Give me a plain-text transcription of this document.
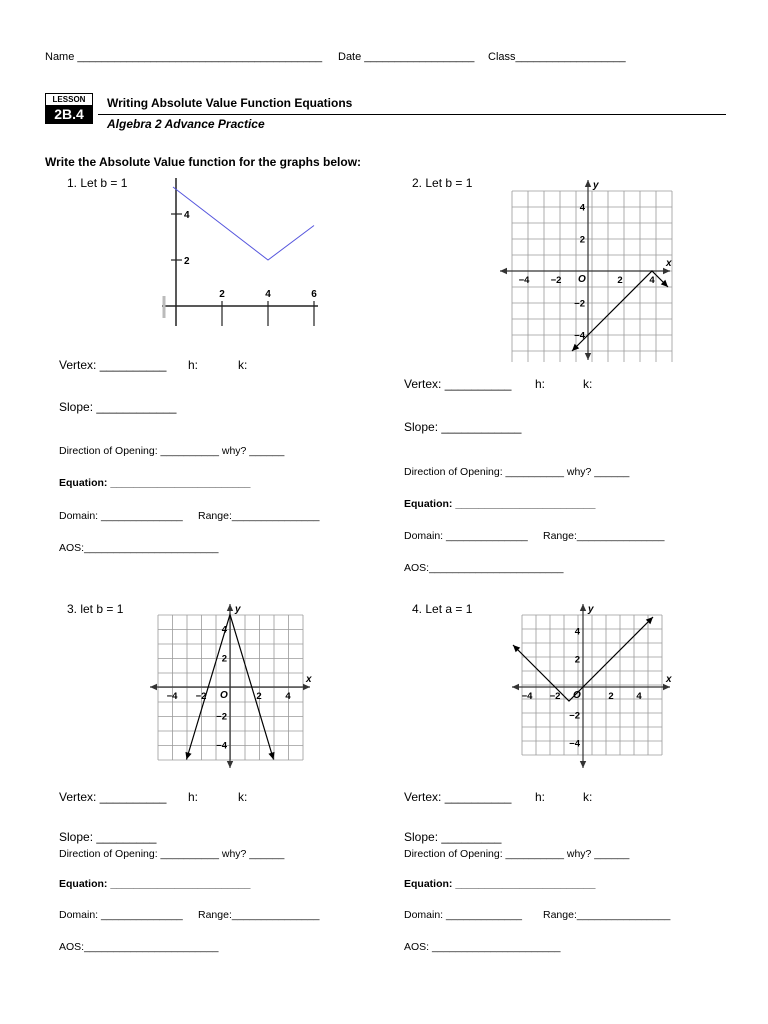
Name ________________________________________ Date __________________ Class__________________
LESSON
2B.4
Writing Absolute Value Function Equations
Algebra 2 Advance Practice
Write the Absolute Value function for the graphs below:
1. Let b = 1
2	4	6
2
4
Vertex: __________ h:	k:
Slope: ____________
Direction of Opening: __________ why? ______
Equation: ________________________
Domain: ______________ Range:_______________
AOS:_______________________
2. Let b = 1
x
y
O
−4 −2	2	4
4
2
−2
−4
Vertex: __________ h:	k:
Slope: ____________
Direction of Opening: __________ why? ______
Equation: ________________________
Domain: ______________ Range:_______________
AOS:_______________________
3. let b = 1
x
y
O
−4 −2	2 4
4
2
−2
−4
Vertex: __________ h:	k:
Slope: _________
Direction of Opening: __________ why? ______
Equation: ________________________
Domain: ______________ Range:_______________
AOS:_______________________
4. Let a = 1
x
y
O
−4 −2	2 4
4
2
−2
−4
Vertex: __________ h:	k:
Slope: _________
Direction of Opening: __________ why? ______
Equation: ________________________
Domain: _____________ Range:________________
AOS: ______________________
